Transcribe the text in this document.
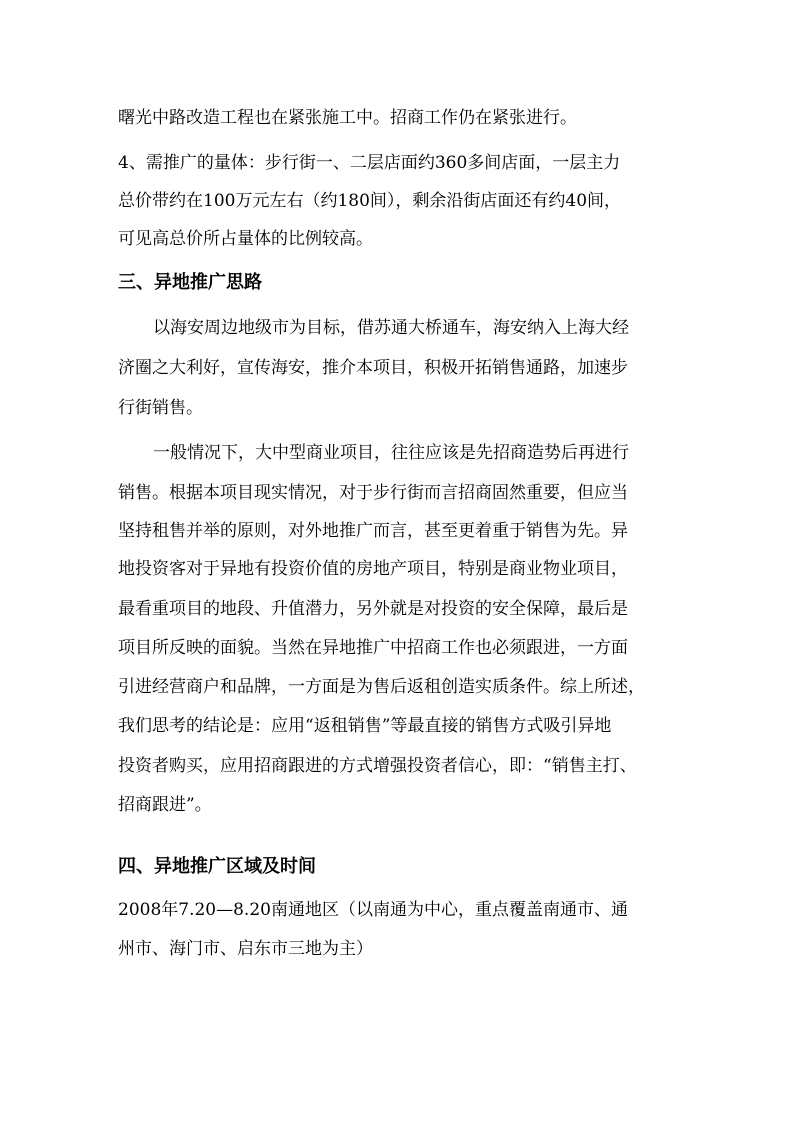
曙光中路改造工程也在紧张施工中。招商工作仍在紧张进行。
4、需推广的量体：步行街一、二层店面约360多间店面，一层主力
总价带约在100万元左右（约180间），剩余沿街店面还有约40间，
可见高总价所占量体的比例较高。
三、异地推广思路
以海安周边地级市为目标，借苏通大桥通车，海安纳入上海大经
济圈之大利好，宣传海安，推介本项目，积极开拓销售通路，加速步
行街销售。
一般情况下，大中型商业项目，往往应该是先招商造势后再进行
销售。根据本项目现实情况，对于步行街而言招商固然重要，但应当
坚持租售并举的原则，对外地推广而言，甚至更着重于销售为先。异
地投资客对于异地有投资价值的房地产项目，特别是商业物业项目，
最看重项目的地段、升值潜力，另外就是对投资的安全保障，最后是
项目所反映的面貌。当然在异地推广中招商工作也必须跟进，一方面
引进经营商户和品牌，一方面是为售后返租创造实质条件。综上所述，
我们思考的结论是：应用“返租销售”等最直接的销售方式吸引异地
投资者购买，应用招商跟进的方式增强投资者信心，即：“销售主打、
招商跟进”。
四、异地推广区域及时间
2008年7.20—8.20南通地区（以南通为中心，重点覆盖南通市、通
州市、海门市、启东市三地为主）
